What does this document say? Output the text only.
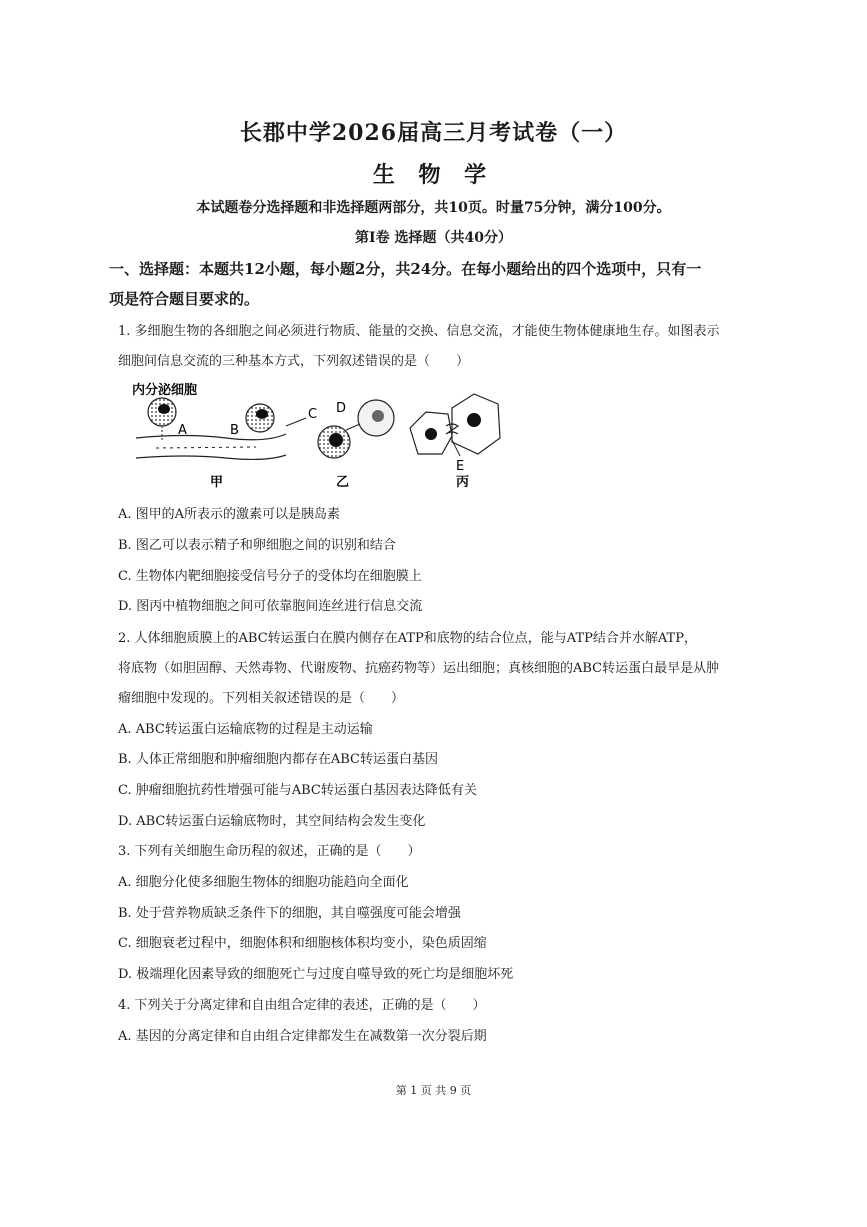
长郡中学2026届高三月考试卷（一）
生 物 学
本试题卷分选择题和非选择题两部分，共10页。时量75分钟，满分100分。
第Ⅰ卷 选择题（共40分）
一、选择题：本题共12小题，每小题2分，共24分。在每小题给出的四个选项中，只有一
项是符合题目要求的。
1. 多细胞生物的各细胞之间必须进行物质、能量的交换、信息交流，才能使生物体健康地生存。如图表示
细胞间信息交流的三种基本方式，下列叙述错误的是（　　）
内分泌细胞
A	B
甲
C D
乙
E
丙
A. 图甲的A所表示的激素可以是胰岛素
B. 图乙可以表示精子和卵细胞之间的识别和结合
C. 生物体内靶细胞接受信号分子的受体均在细胞膜上
D. 图丙中植物细胞之间可依靠胞间连丝进行信息交流
2. 人体细胞质膜上的ABC转运蛋白在膜内侧存在ATP和底物的结合位点，能与ATP结合并水解ATP，
将底物（如胆固醇、天然毒物、代谢废物、抗癌药物等）运出细胞；真核细胞的ABC转运蛋白最早是从肿
瘤细胞中发现的。下列相关叙述错误的是（　　）
A. ABC转运蛋白运输底物的过程是主动运输
B. 人体正常细胞和肿瘤细胞内都存在ABC转运蛋白基因
C. 肿瘤细胞抗药性增强可能与ABC转运蛋白基因表达降低有关
D. ABC转运蛋白运输底物时，其空间结构会发生变化
3. 下列有关细胞生命历程的叙述，正确的是（　　）
A. 细胞分化使多细胞生物体的细胞功能趋向全面化
B. 处于营养物质缺乏条件下的细胞，其自噬强度可能会增强
C. 细胞衰老过程中，细胞体积和细胞核体积均变小，染色质固缩
D. 极端理化因素导致的细胞死亡与过度自噬导致的死亡均是细胞坏死
4. 下列关于分离定律和自由组合定律的表述，正确的是（　　）
A. 基因的分离定律和自由组合定律都发生在减数第一次分裂后期
第 1 页 共 9 页
